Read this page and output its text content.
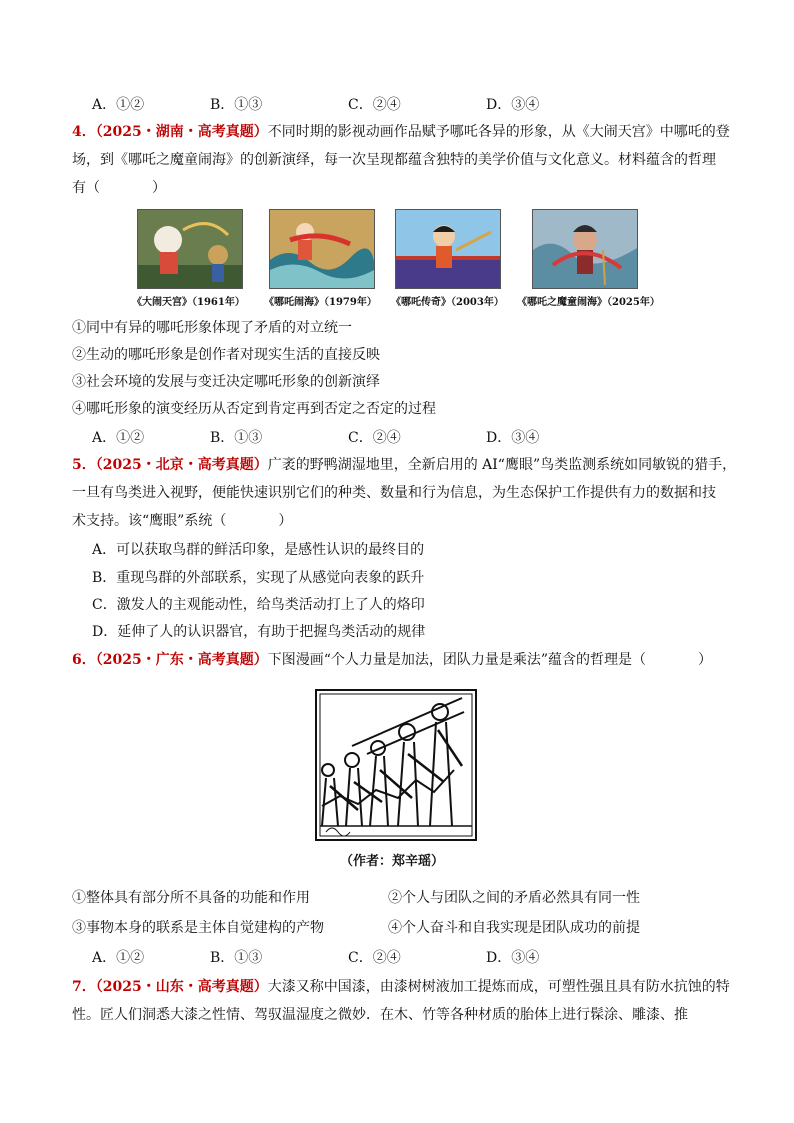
A．①②	B．①③	C．②④	D．③④
4．（2025・湖南・高考真题）不同时期的影视动画作品赋予哪吒各异的形象，从《大闹天宫》中哪吒的登
场，到《哪吒之魔童闹海》的创新演绎，每一次呈现都蕴含独特的美学价值与文化意义。材料蕴含的哲理
有（	）
《大闹天宫》（1961年） 《哪吒闹海》（1979年） 《哪吒传奇》（2003年） 《哪吒之魔童闹海》（2025年）
①同中有异的哪吒形象体现了矛盾的对立统一
②生动的哪吒形象是创作者对现实生活的直接反映
③社会环境的发展与变迁决定哪吒形象的创新演绎
④哪吒形象的演变经历从否定到肯定再到否定之否定的过程
A．①②	B．①③	C．②④	D．③④
5．（2025・北京・高考真题）广袤的野鸭湖湿地里，全新启用的 AI“鹰眼”鸟类监测系统如同敏锐的猎手，
一旦有鸟类进入视野，便能快速识别它们的种类、数量和行为信息，为生态保护工作提供有力的数据和技
术支持。该“鹰眼”系统（	）
A．可以获取鸟群的鲜活印象，是感性认识的最终目的
B．重现鸟群的外部联系，实现了从感觉向表象的跃升
C．激发人的主观能动性，给鸟类活动打上了人的烙印
D．延伸了人的认识器官，有助于把握鸟类活动的规律
6．（2025・广东・高考真题）下图漫画“个人力量是加法，团队力量是乘法”蕴含的哲理是（	）
（作者：郑辛瑶）
①整体具有部分所不具备的功能和作用	②个人与团队之间的矛盾必然具有同一性
③事物本身的联系是主体自觉建构的产物	④个人奋斗和自我实现是团队成功的前提
A．①②	B．①③	C．②④	D．③④
7．（2025・山东・高考真题）大漆又称中国漆，由漆树树液加工提炼而成，可塑性强且具有防水抗蚀的特
性。匠人们洞悉大漆之性情、驾驭温湿度之微妙．在木、竹等各种材质的胎体上进行髹涂、雕漆、推
